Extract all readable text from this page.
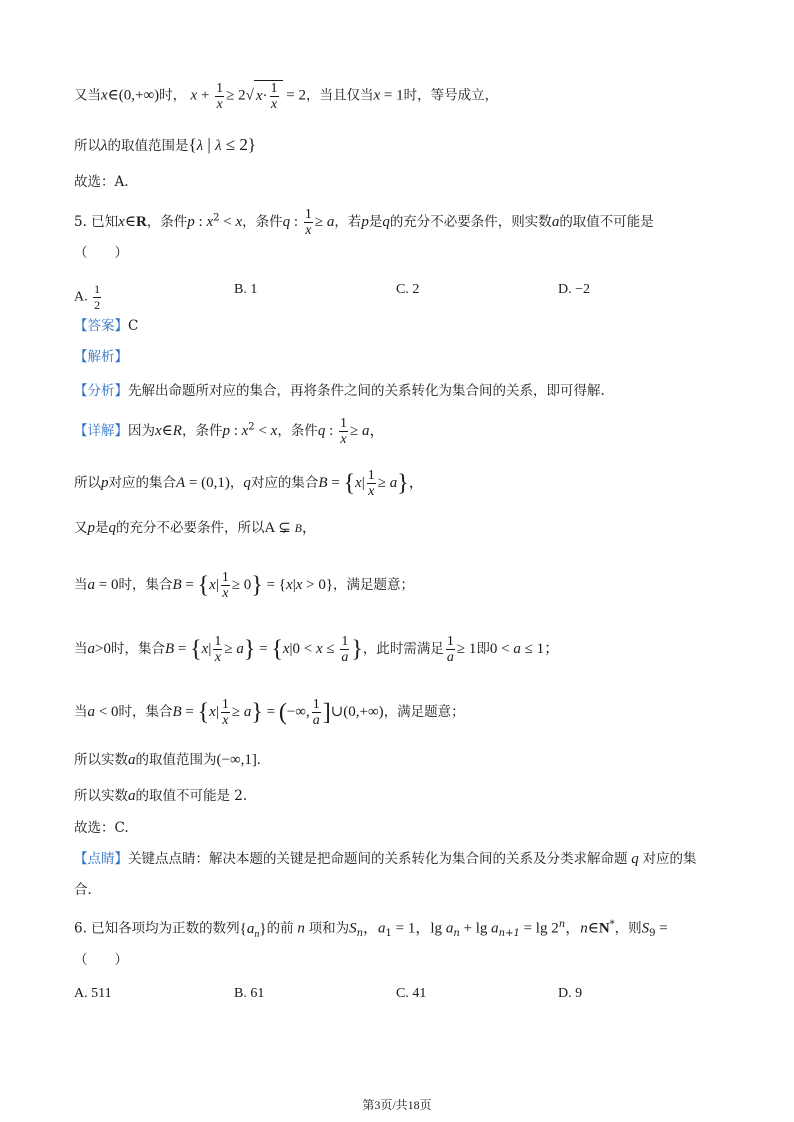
又当x∈(0,+∞)时， $x + \frac{1}{x} \ge 2√$ $x\cdot \frac{1}{x} = 2$，当且仅当x = 1时，等号成立，
所以λ的取值范围是{λ | λ ≤ 2}
故选：A.
5. 已知x∈R，条件p : $x^2 < x$，条件q : $\frac{1}{x} \ge a$，若p是q的充分不必要条件，则实数a的取值不可能是
（　　）
A. $\frac{1}{2}$	B. 1	C. 2	D. −2
【答案】C
【解析】
【分析】先解出命题所对应的集合，再将条件之间的关系转化为集合间的关系，即可得解.
【详解】因为x∈R，条件p : $x^2 < x$，条件q : $\frac{1}{x} \ge a$，
所以p对应的集合A = (0,1)，q对应的集合$B = \{x| \frac{1}{x} \ge a\}$，
又p是q的充分不必要条件，所以A ⊊ B，
当a = 0时，集合$B = \{x| \frac{1}{x} \ge 0\} = \{x|x > 0\}$，满足题意；
当a>0时，集合$B = \{x| \frac{1}{x} \ge a\} = \{x|0 < x \le \frac{1}{a}$ }，此时需满足 $\frac{1}{a} \ge 1$即0 < a ≤ 1；
当a < 0时，集合$B = \{x| \frac{1}{x} \ge a\}$ = (−∞, $\frac{1}{a}$ ]∪(0,+∞)，满足题意；
所以实数a的取值范围为(−∞,1].
所以实数a的取值不可能是 2.
故选：C.
【点睛】关键点点睛：解决本题的关键是把命题间的关系转化为集合间的关系及分类求解命题 q 对应的集
合.
6. 已知各项均为正数的数列$\{a_n\}$的前 n 项和为$S_n$，$a_1 = 1$，$\lg a_n + \lg a_{n+1} = \lg 2^n$，n∈N*，则$S_9$ =
（　　）
A. 511	B. 61	C. 41	D. 9
第3页/共18页
